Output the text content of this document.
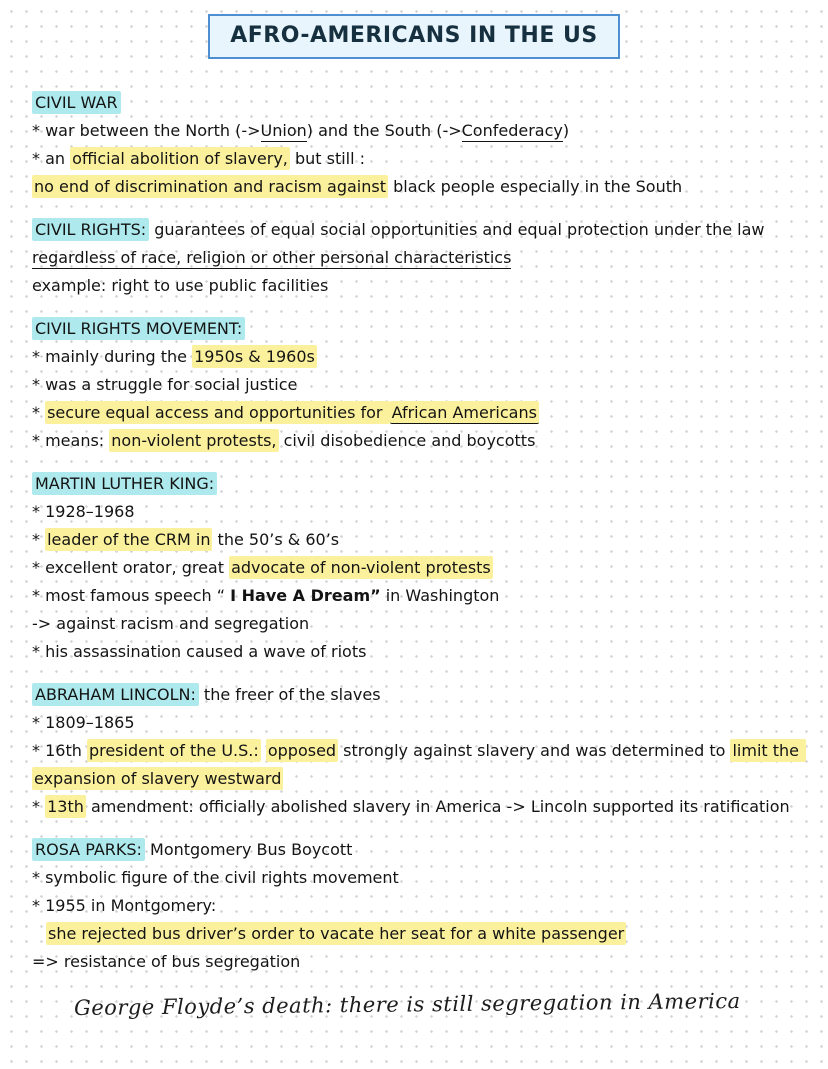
AFRO-AMERICANS IN THE US
CIVIL WAR
* war between the North (->Union) and the South (->Confederacy)
* an official abolition of slavery, but still :
no end of discrimination and racism against black people especially in the South
CIVIL RIGHTS: guarantees of equal social opportunities and equal protection under the law regardless of race, religion or other personal characteristics
example: right to use public facilities
CIVIL RIGHTS MOVEMENT:
* mainly during the 1950s & 1960s
* was a struggle for social justice
* secure equal access and opportunities for African Americans
* means: non-violent protests, civil disobedience and boycotts
MARTIN LUTHER KING:
* 1928–1968
* leader of the CRM in the 50’s & 60’s
* excellent orator, great advocate of non-violent protests
* most famous speech “ I Have A Dream” in Washington
-> against racism and segregation
* his assassination caused a wave of riots
ABRAHAM LINCOLN: the freer of the slaves
* 1809–1865
* 16th president of the U.S.: opposed strongly against slavery and was determined to limit the expansion of slavery westward
* 13th amendment: officially abolished slavery in America -> Lincoln supported its ratification
ROSA PARKS: Montgomery Bus Boycott
* symbolic figure of the civil rights movement
* 1955 in Montgomery:
she rejected bus driver’s order to vacate her seat for a white passenger
=> resistance of bus segregation
George Floyde’s death: there is still segregation in America
